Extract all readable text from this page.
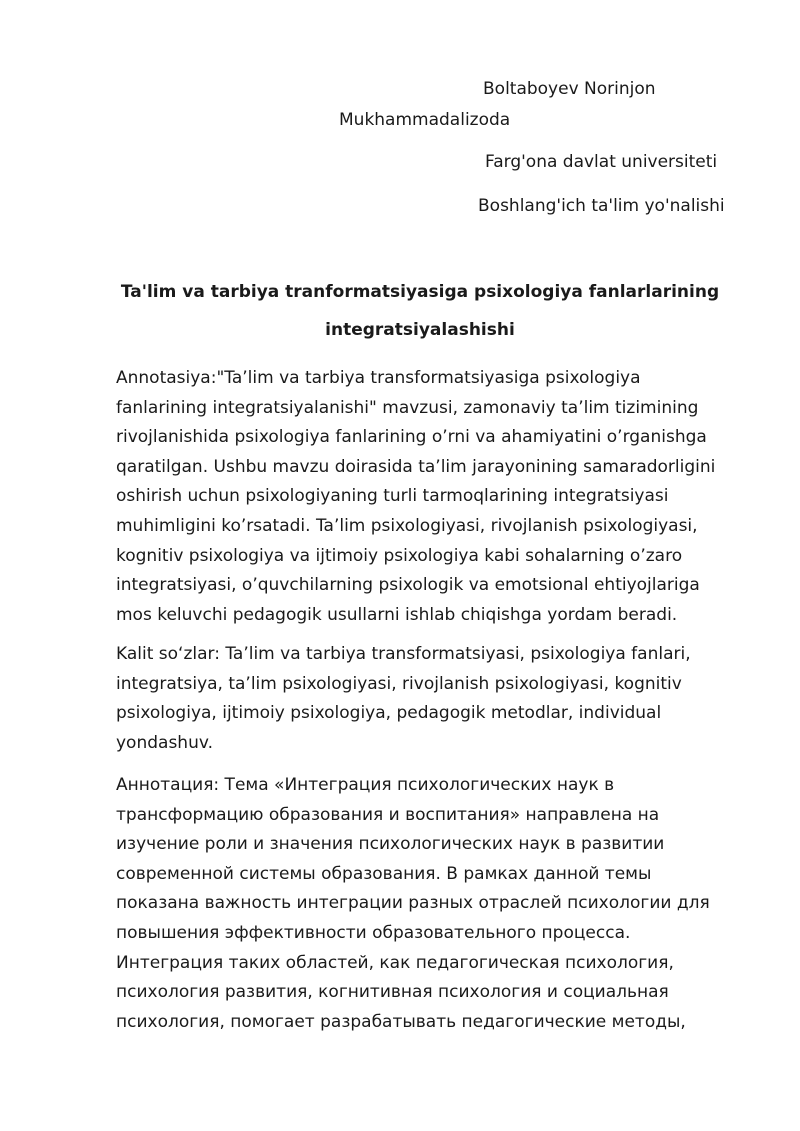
Boltaboyev Norinjon
Mukhammadalizoda
Farg'ona davlat universiteti
Boshlang'ich ta'lim yo'nalishi
Ta'lim va tarbiya tranformatsiyasiga psixologiya fanlarlarining
integratsiyalashishi
Annotasiya:"Ta’lim va tarbiya transformatsiyasiga psixologiya
fanlarining integratsiyalanishi" mavzusi, zamonaviy ta’lim tizimining
rivojlanishida psixologiya fanlarining o’rni va ahamiyatini o’rganishga
qaratilgan. Ushbu mavzu doirasida ta’lim jarayonining samaradorligini
oshirish uchun psixologiyaning turli tarmoqlarining integratsiyasi
muhimligini ko’rsatadi. Ta’lim psixologiyasi, rivojlanish psixologiyasi,
kognitiv psixologiya va ijtimoiy psixologiya kabi sohalarning o’zaro
integratsiyasi, o’quvchilarning psixologik va emotsional ehtiyojlariga
mos keluvchi pedagogik usullarni ishlab chiqishga yordam beradi.
Kalit so‘zlar: Ta’lim va tarbiya transformatsiyasi, psixologiya fanlari,
integratsiya, ta’lim psixologiyasi, rivojlanish psixologiyasi, kognitiv
psixologiya, ijtimoiy psixologiya, pedagogik metodlar, individual
yondashuv.
Аннотация: Тема «Интеграция психологических наук в
трансформацию образования и воспитания» направлена на
изучение роли и значения психологических наук в развитии
современной системы образования. В рамках данной темы
показана важность интеграции разных отраслей психологии для
повышения эффективности образовательного процесса.
Интеграция таких областей, как педагогическая психология,
психология развития, когнитивная психология и социальная
психология, помогает разрабатывать педагогические методы,
